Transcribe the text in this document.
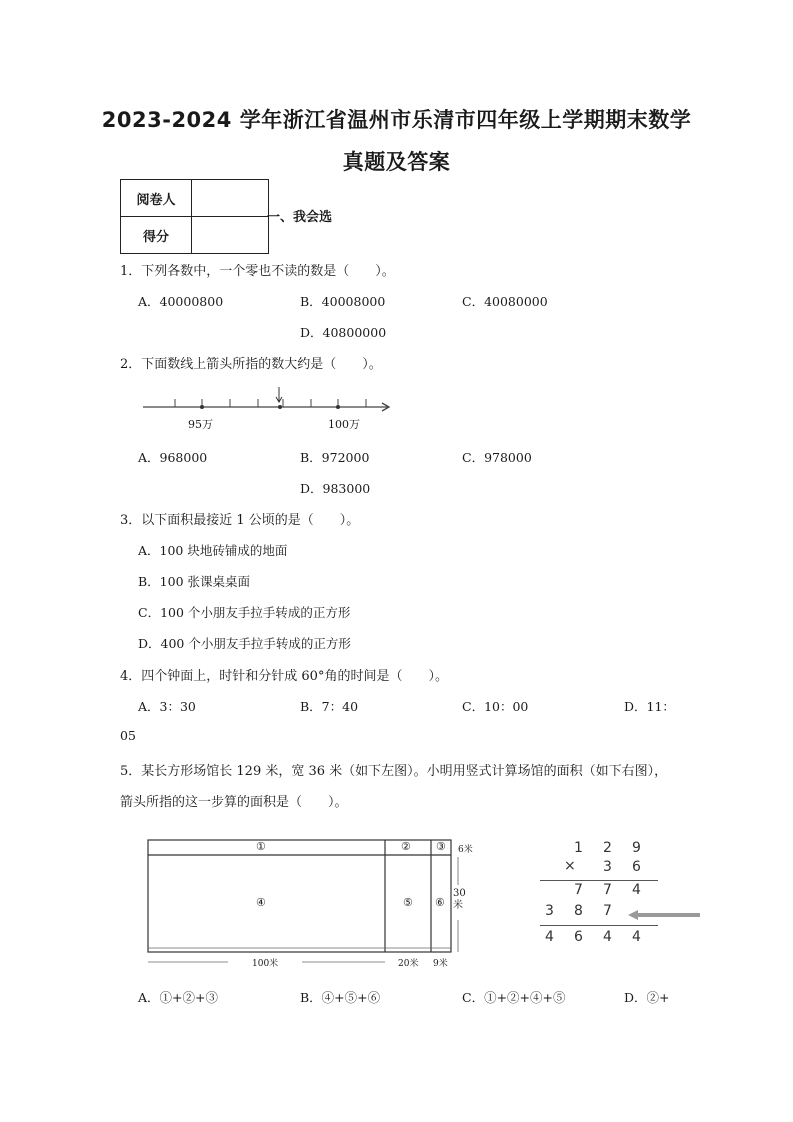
2023-2024 学年浙江省温州市乐清市四年级上学期期末数学
真题及答案
阅卷人	
得分	
一、我会选
1．下列各数中，一个零也不读的数是（　　）。
A．40000800	B．40008000	C．40080000
D．40800000
2．下面数线上箭头所指的数大约是（　　）。
95万	100万
A．968000	B．972000	C．978000
D．983000
3．以下面积最接近 1 公顷的是（　　）。
A．100 块地砖铺成的地面
B．100 张课桌桌面
C．100 个小朋友手拉手转成的正方形
D．400 个小朋友手拉手转成的正方形
4．四个钟面上，时针和分针成 60°角的时间是（　　）。
A．3：30	B．7：40	C．10：00	D．11：
05
5．某长方形场馆长 129 米，宽 36 米（如下左图）。小明用竖式计算场馆的面积（如下右图），
箭头所指的这一步算的面积是（　　）。
①	② ③
④	⑤ ⑥
6米
30米
100米	20米 9米
1 2 9
× 3 6
7 7 4
3 8 7
4 6 4 4
A．①+②+③	B．④+⑤+⑥	C．①+②+④+⑤	D．②+
